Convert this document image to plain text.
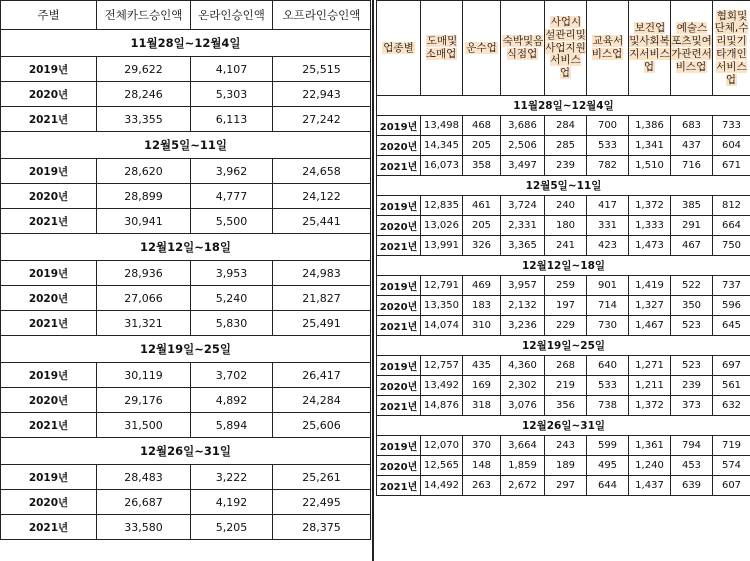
주별	전체카드승인액	온라인승인액	오프라인승인액
11월28일~12월4일			
2019년	29,622	4,107	25,515
2020년	28,246	5,303	22,943
2021년	33,355	6,113	27,242
12월5일~11일			
2019년	28,620	3,962	24,658
2020년	28,899	4,777	24,122
2021년	30,941	5,500	25,441
12월12일~18일			
2019년	28,936	3,953	24,983
2020년	27,066	5,240	21,827
2021년	31,321	5,830	25,491
12월19일~25일			
2019년	30,119	3,702	26,417
2020년	29,176	4,892	24,284
2021년	31,500	5,894	25,606
12월26일~31일			
2019년	28,483	3,222	25,261
2020년	26,687	4,192	22,495
2021년	33,580	5,205	28,375
업종별	도매및소매업	운수업	숙박및음식점업	사업시설관리및사업지원서비스업	교육서비스업	보건업및사회복지서비스업	예술스포츠및여가관련서비스업	협회및단체,수리및기타개인서비스업
11월28일~12월4일								
2019년	13,498	468	3,686	284	700	1,386	683	733
2020년	14,345	205	2,506	285	533	1,341	437	604
2021년	16,073	358	3,497	239	782	1,510	716	671
12월5일~11일								
2019년	12,835	461	3,724	240	417	1,372	385	812
2020년	13,026	205	2,331	180	331	1,333	291	664
2021년	13,991	326	3,365	241	423	1,473	467	750
12월12일~18일								
2019년	12,791	469	3,957	259	901	1,419	522	737
2020년	13,350	183	2,132	197	714	1,327	350	596
2021년	14,074	310	3,236	229	730	1,467	523	645
12월19일~25일								
2019년	12,757	435	4,360	268	640	1,271	523	697
2020년	13,492	169	2,302	219	533	1,211	239	561
2021년	14,876	318	3,076	356	738	1,372	373	632
12월26일~31일								
2019년	12,070	370	3,664	243	599	1,361	794	719
2020년	12,565	148	1,859	189	495	1,240	453	574
2021년	14,492	263	2,672	297	644	1,437	639	607
